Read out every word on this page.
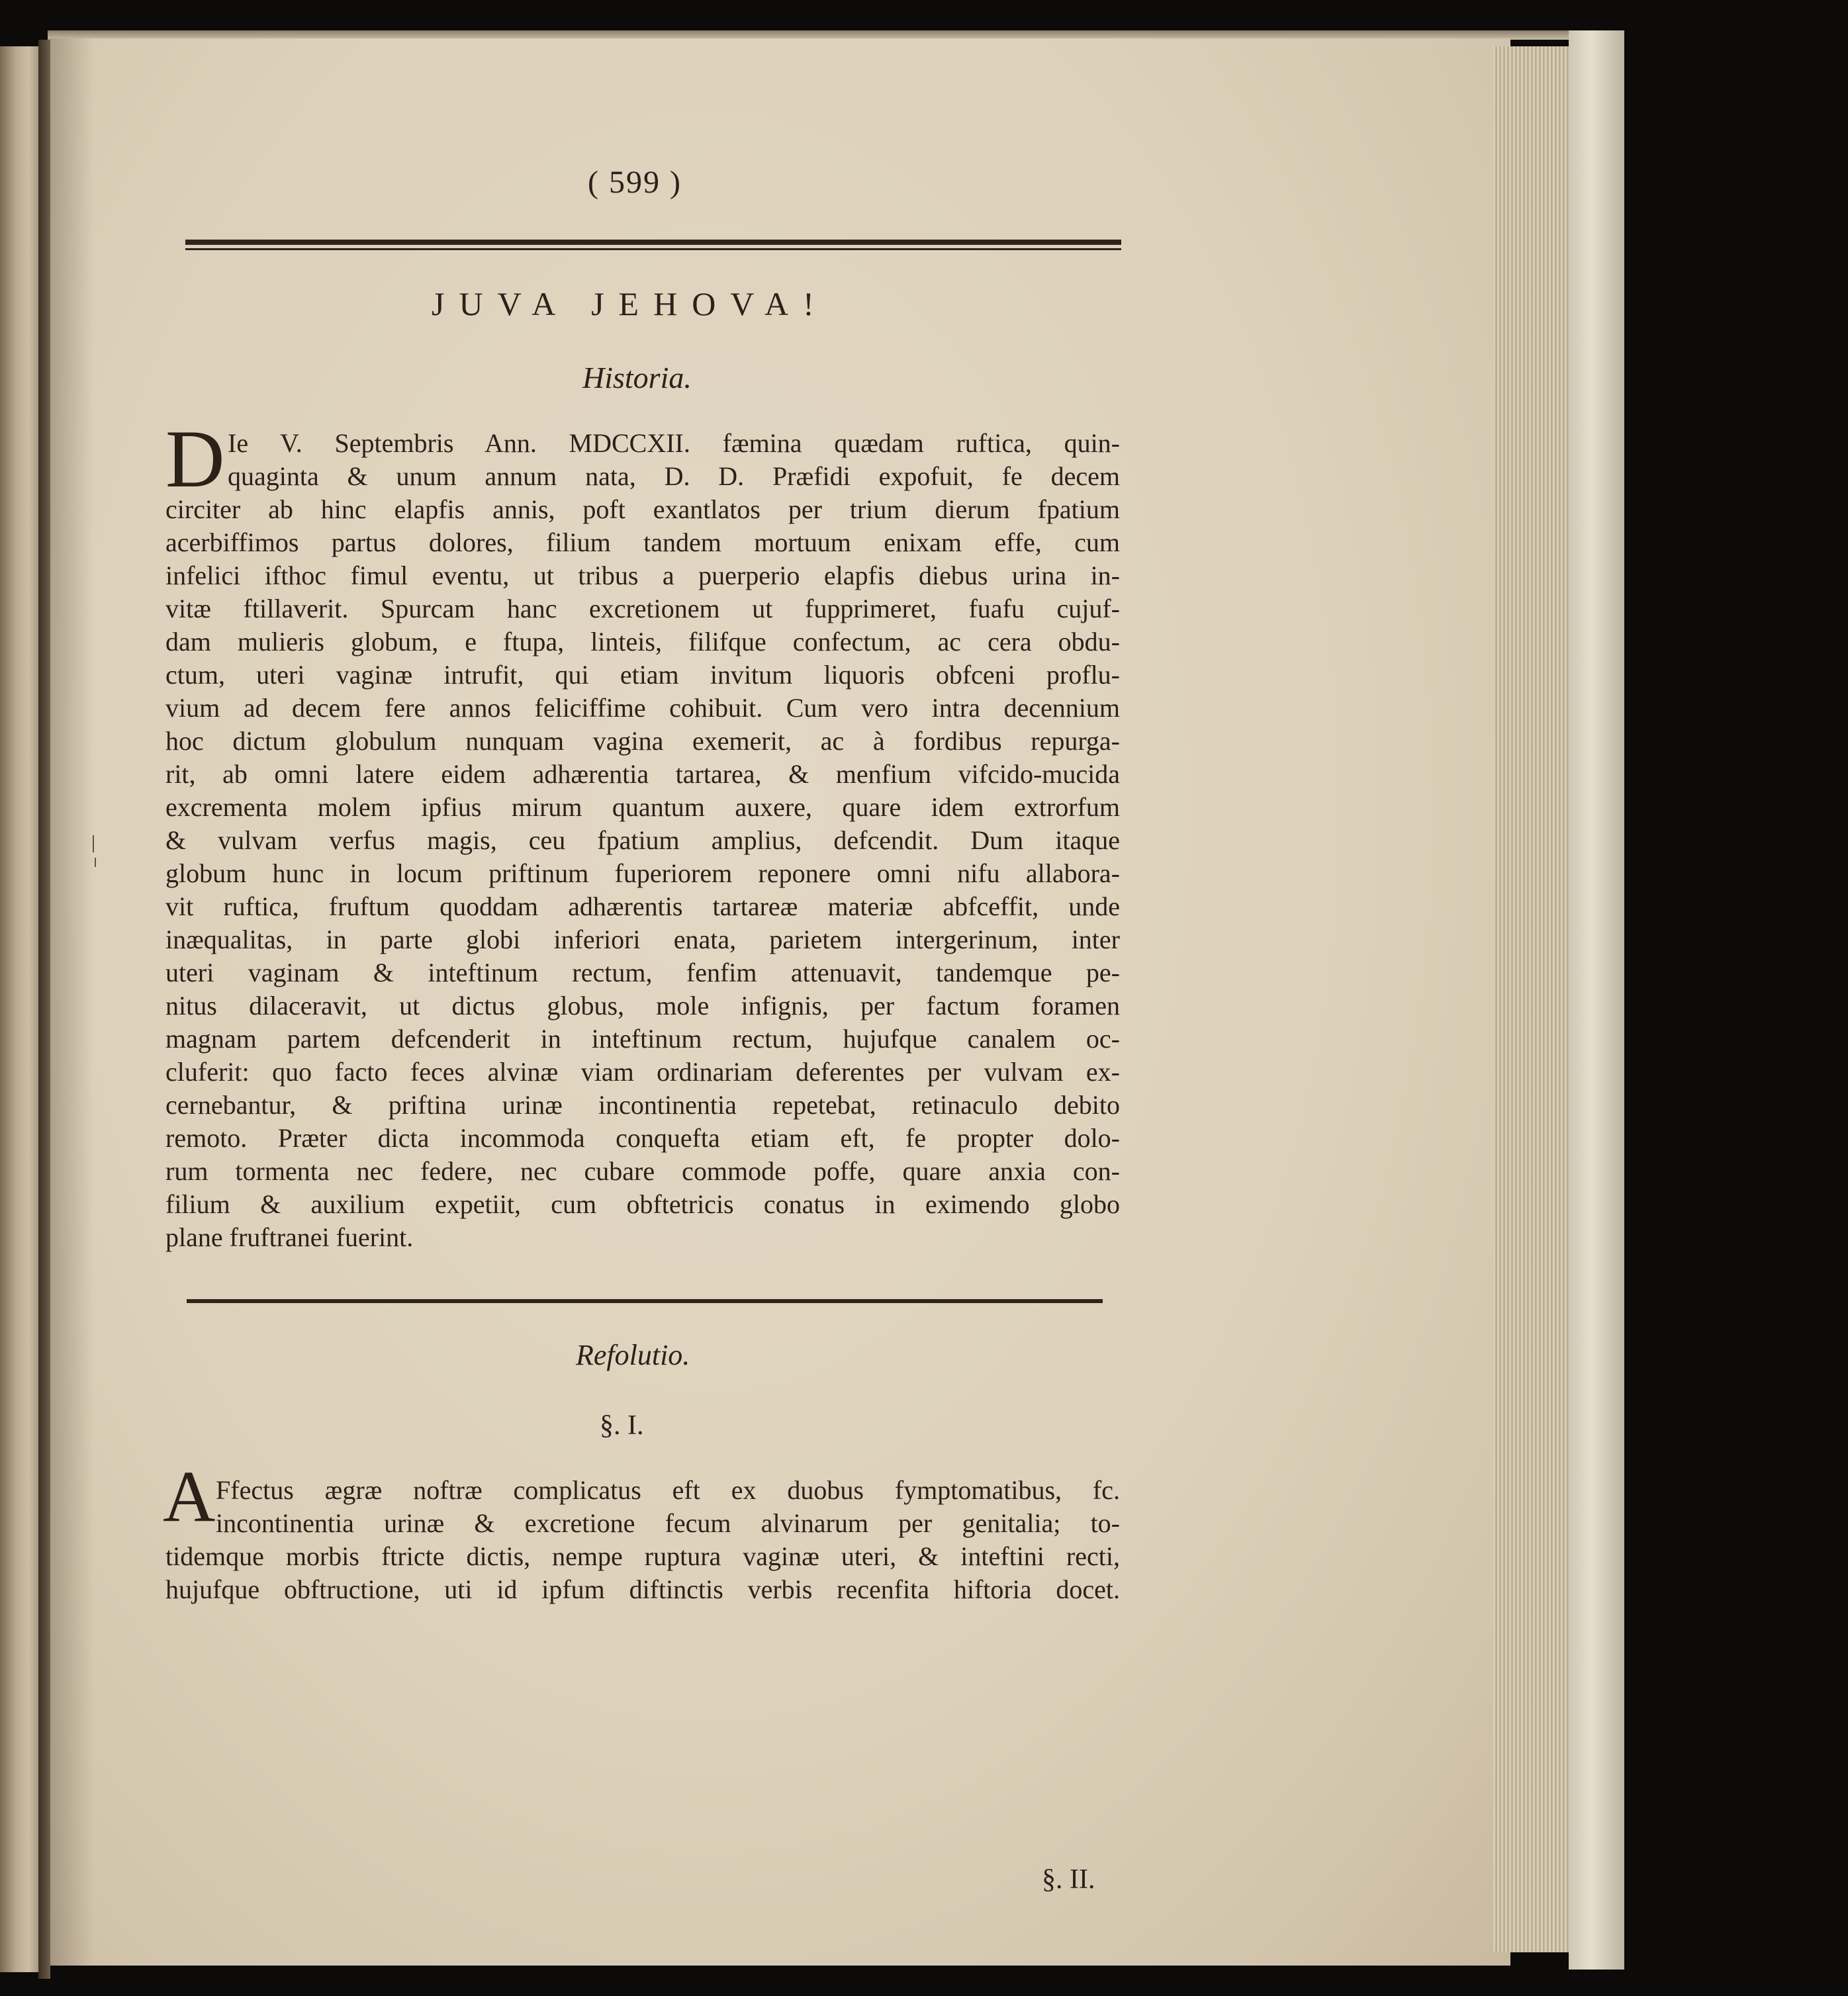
( 599 )
JUVA JEHOVA!
Historia.
D Ie V. Septembris Ann. MDCCXII. fæmina quædam ruftica, quin-
quaginta & unum annum nata, D. D. Præfidi expofuit, fe decem
circiter ab hinc elapfis annis, poft exantlatos per trium dierum fpatium
acerbiffimos partus dolores, filium tandem mortuum enixam effe, cum
infelici ifthoc fimul eventu, ut tribus a puerperio elapfis diebus urina in-
vitæ ftillaverit. Spurcam hanc excretionem ut fupprimeret, fuafu cujuf-
dam mulieris globum, e ftupa, linteis, filifque confectum, ac cera obdu-
ctum, uteri vaginæ intrufit, qui etiam invitum liquoris obfceni proflu-
vium ad decem fere annos feliciffime cohibuit. Cum vero intra decennium
hoc dictum globulum nunquam vagina exemerit, ac à fordibus repurga-
rit, ab omni latere eidem adhærentia tartarea, & menfium vifcido-mucida
excrementa molem ipfius mirum quantum auxere, quare idem extrorfum
& vulvam verfus magis, ceu fpatium amplius, defcendit. Dum itaque
globum hunc in locum priftinum fuperiorem reponere omni nifu allabora-
vit ruftica, fruftum quoddam adhærentis tartareæ materiæ abfceffit, unde
inæqualitas, in parte globi inferiori enata, parietem intergerinum, inter
uteri vaginam & inteftinum rectum, fenfim attenuavit, tandemque pe-
nitus dilaceravit, ut dictus globus, mole infignis, per factum foramen
magnam partem defcenderit in inteftinum rectum, hujufque canalem oc-
cluferit: quo facto feces alvinæ viam ordinariam deferentes per vulvam ex-
cernebantur, & priftina urinæ incontinentia repetebat, retinaculo debito
remoto. Præter dicta incommoda conquefta etiam eft, fe propter dolo-
rum tormenta nec federe, nec cubare commode poffe, quare anxia con-
filium & auxilium expetiit, cum obftetricis conatus in eximendo globo
plane fruftranei fuerint.
Refolutio.
§. I.
A Ffectus ægræ noftræ complicatus eft ex duobus fymptomatibus, fc.
incontinentia urinæ & excretione fecum alvinarum per genitalia; to-
tidemque morbis ftricte dictis, nempe ruptura vaginæ uteri, & inteftini recti,
hujufque obftructione, uti id ipfum diftinctis verbis recenfita hiftoria docet.
§. II.
